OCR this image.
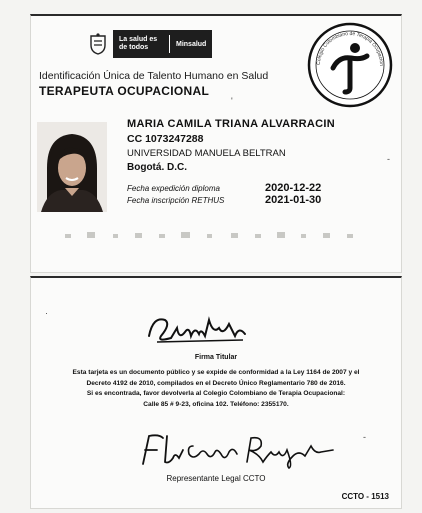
La salud es de todos	Minsalud
Identificación Única de Talento Humano en Salud
TERAPEUTA OCUPACIONAL
Colegio Colombiano de Terapia Ocupacion
MARIA CAMILA TRIANA ALVARRACIN
CC 1073247288
UNIVERSIDAD MANUELA BELTRAN
Bogotá. D.C.
Fecha expedición diploma	2020-12-22
Fecha inscripción RETHUS	2021-01-30
'
-
Firma Titular
Esta tarjeta es un documento público y se expide de conformidad a la Ley 1164 de 2007 y el
Decreto 4192 de 2010, compilados en el Decreto Único Reglamentario 780 de 2016.
Si es encontrada, favor devolverla al Colegio Colombiano de Terapia Ocupacional:
Calle 85 # 9-23, oficina 102. Teléfono: 2355170.
Representante Legal CCTO
CCTO - 1513
·
-
